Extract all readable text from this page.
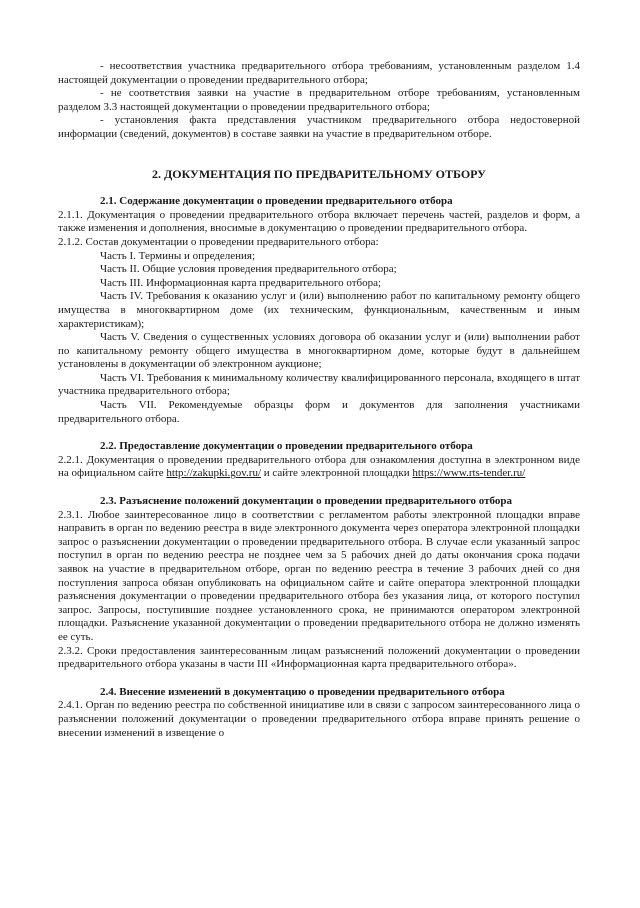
- несоответствия участника предварительного отбора требованиям, установленным разделом 1.4 настоящей документации о проведении предварительного отбора;

- не соответствия заявки на участие в предварительном отборе требованиям, установленным разделом 3.3 настоящей документации о проведении предварительного отбора;

- установления факта представления участником предварительного отбора недостоверной информации (сведений, документов) в составе заявки на участие в предварительном отборе.

2. ДОКУМЕНТАЦИЯ ПО ПРЕДВАРИТЕЛЬНОМУ ОТБОРУ

2.1. Содержание документации о проведении предварительного отбора

2.1.1. Документация о проведении предварительного отбора включает перечень частей, разделов и форм, а также изменения и дополнения, вносимые в документацию о проведении предварительного отбора.

2.1.2. Состав документации о проведении предварительного отбора:

Часть I. Термины и определения;

Часть II. Общие условия проведения предварительного отбора;

Часть III. Информационная карта предварительного отбора;

Часть IV. Требования к оказанию услуг и (или) выполнению работ по капитальному ремонту общего имущества в многоквартирном доме (их техническим, функциональным, качественным и иным характеристикам);

Часть V. Сведения о существенных условиях договора об оказании услуг и (или) выполнении работ по капитальному ремонту общего имущества в многоквартирном доме, которые будут в дальнейшем установлены в документации об электронном аукционе;

Часть VI. Требования к минимальному количеству квалифицированного персонала, входящего в штат участника предварительного отбора;

Часть VII. Рекомендуемые образцы форм и документов для заполнения участниками предварительного отбора.

2.2. Предоставление документации о проведении предварительного отбора

2.2.1. Документация о проведении предварительного отбора для ознакомления доступна в электронном виде на официальном сайте http://zakupki.gov.ru/ и сайте электронной площадки https://www.rts-tender.ru/

2.3. Разъяснение положений документации о проведении предварительного отбора

2.3.1. Любое заинтересованное лицо в соответствии с регламентом работы электронной площадки вправе направить в орган по ведению реестра в виде электронного документа через оператора электронной площадки запрос о разъяснении документации о проведении предварительного отбора. В случае если указанный запрос поступил в орган по ведению реестра не позднее чем за 5 рабочих дней до даты окончания срока подачи заявок на участие в предварительном отборе, орган по ведению реестра в течение 3 рабочих дней со дня поступления запроса обязан опубликовать на официальном сайте и сайте оператора электронной площадки разъяснения документации о проведении предварительного отбора без указания лица, от которого поступил запрос. Запросы, поступившие позднее установленного срока, не принимаются оператором электронной площадки. Разъяснение указанной документации о проведении предварительного отбора не должно изменять ее суть.

2.3.2. Сроки предоставления заинтересованным лицам разъяснений положений документации о проведении предварительного отбора указаны в части III «Информационная карта предварительного отбора».

2.4. Внесение изменений в документацию о проведении предварительного отбора

2.4.1. Орган по ведению реестра по собственной инициативе или в связи с запросом заинтересованного лица о разъяснении положений документации о проведении предварительного отбора вправе принять решение о внесении изменений в извещение о
